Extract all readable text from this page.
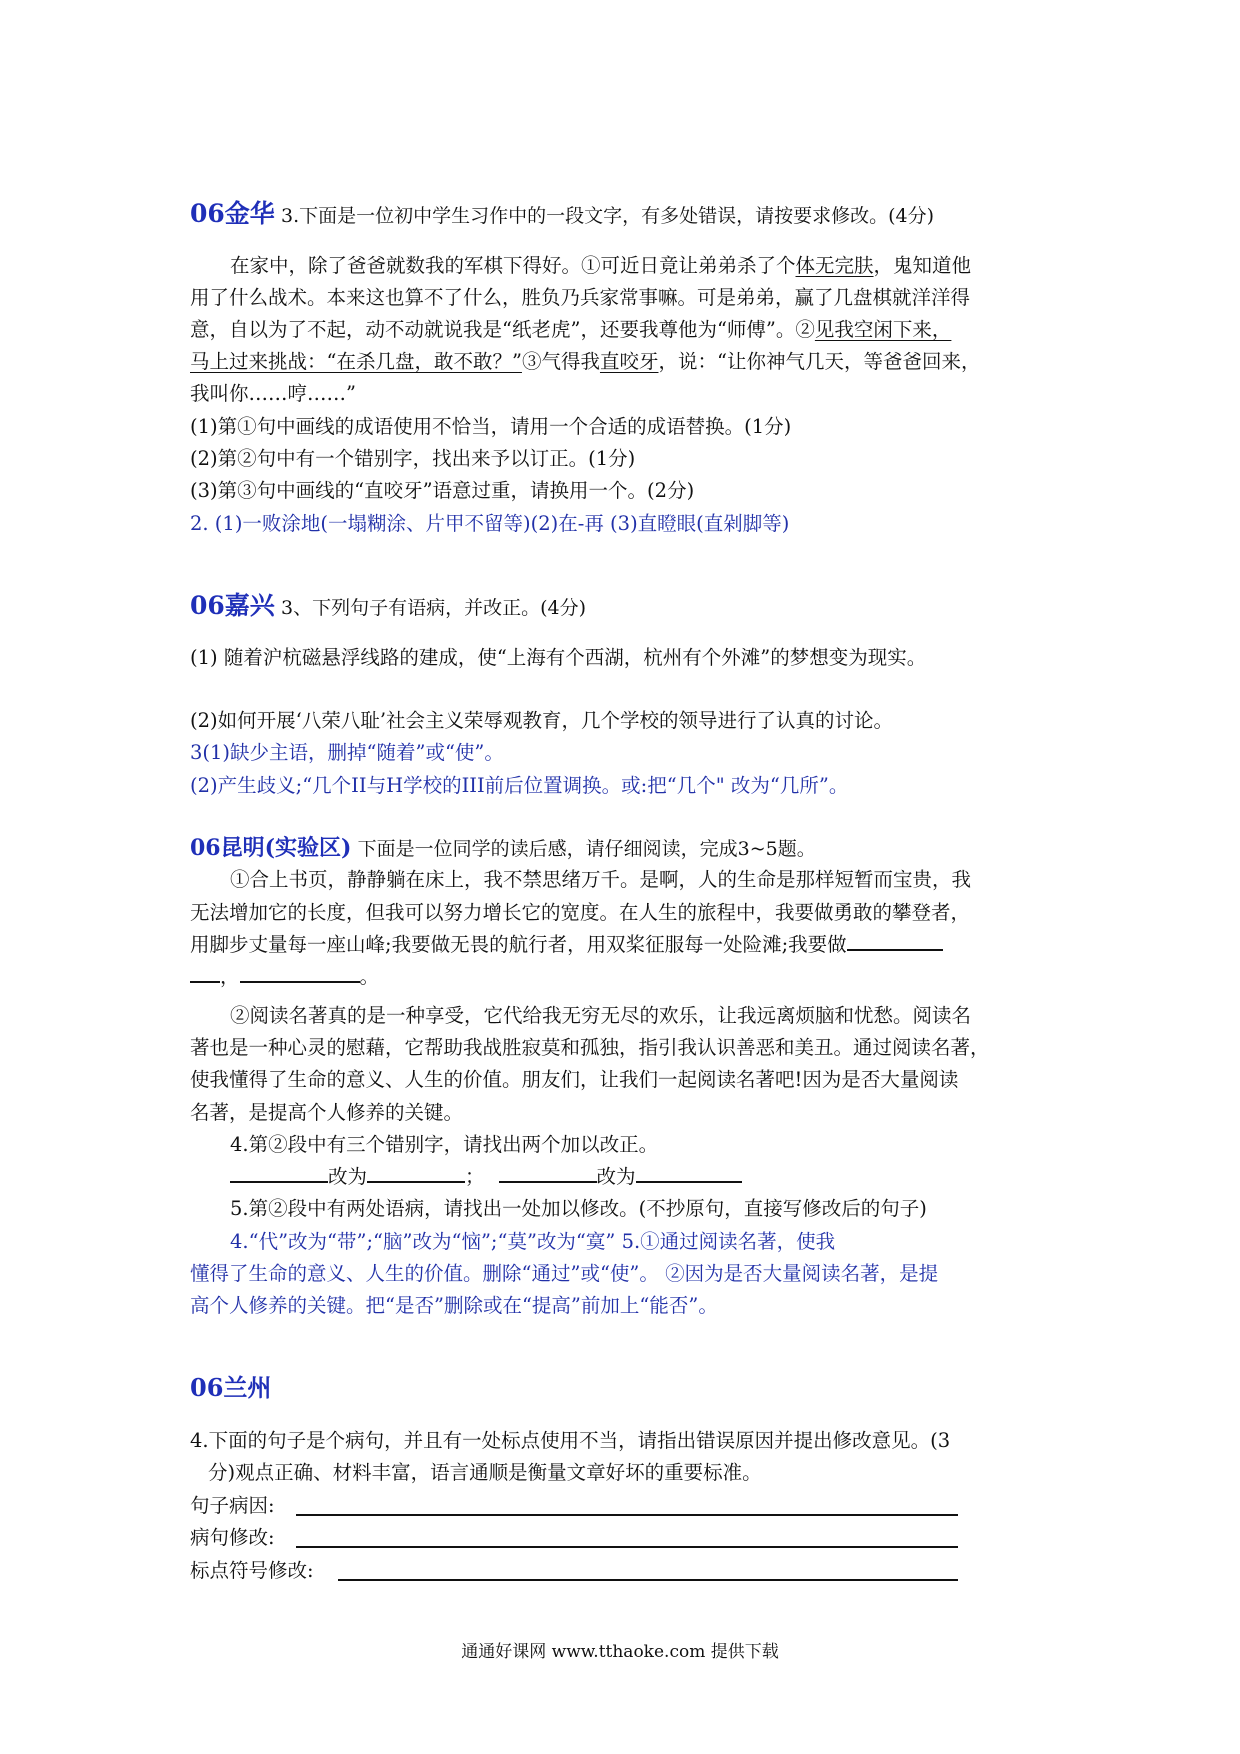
06金华 3.下面是一位初中学生习作中的一段文字，有多处错误，请按要求修改。(4分)
在家中，除了爸爸就数我的军棋下得好。①可近日竟让弟弟杀了个体无完肤，鬼知道他
用了什么战术。本来这也算不了什么，胜负乃兵家常事嘛。可是弟弟，赢了几盘棋就洋洋得
意，自以为了不起，动不动就说我是“纸老虎”，还要我尊他为“师傅”。②见我空闲下来，
马上过来挑战：“在杀几盘，敢不敢？”③气得我直咬牙，说：“让你神气几天，等爸爸回来，
我叫你……哼……”
(1)第①句中画线的成语使用不恰当，请用一个合适的成语替换。(1分)
(2)第②句中有一个错别字，找出来予以订正。(1分)
(3)第③句中画线的“直咬牙”语意过重，请换用一个。(2分)
2. (1)一败涂地(一塌糊涂、片甲不留等)(2)在-再 (3)直瞪眼(直剁脚等)
06嘉兴 3、下列句子有语病，并改正。(4分)
(1) 随着沪杭磁悬浮线路的建成，使“上海有个西湖，杭州有个外滩”的梦想变为现实。
(2)如何开展‘八荣八耻’社会主义荣辱观教育，几个学校的领导进行了认真的讨论。
3(1)缺少主语，删掉“随着”或“使”。
(2)产生歧义;“几个II与H学校的III前后位置调换。或:把“几个" 改为“几所”。
06昆明(实验区) 下面是一位同学的读后感，请仔细阅读，完成3~5题。
①合上书页，静静躺在床上，我不禁思绪万千。是啊，人的生命是那样短暂而宝贵，我
无法增加它的长度，但我可以努力增长它的宽度。在人生的旅程中，我要做勇敢的攀登者，
用脚步丈量每一座山峰;我要做无畏的航行者，用双桨征服每一处险滩;我要做
，	。
②阅读名著真的是一种享受，它代给我无穷无尽的欢乐，让我远离烦脑和忧愁。阅读名
著也是一种心灵的慰藉，它帮助我战胜寂莫和孤独，指引我认识善恶和美丑。通过阅读名著，
使我懂得了生命的意义、人生的价值。朋友们，让我们一起阅读名著吧!因为是否大量阅读
名著，是提高个人修养的关键。
4.第②段中有三个错别字，请找出两个加以改正。
改为	；	改为
5.第②段中有两处语病，请找出一处加以修改。(不抄原句，直接写修改后的句子)
4.“代”改为“带”;“脑”改为“恼”;“莫”改为“寞” 5.①通过阅读名著，使我
懂得了生命的意义、人生的价值。删除“通过”或“使”。 ②因为是否大量阅读名著，是提
高个人修养的关键。把“是否”删除或在“提高”前加上“能否”。
06兰州
4.下面的句子是个病句，并且有一处标点使用不当，请指出错误原因并提出修改意见。(3
分)观点正确、材料丰富，语言通顺是衡量文章好坏的重要标准。
句子病因:
病句修改:
标点符号修改:
通通好课网 www.tthaoke.com 提供下载
